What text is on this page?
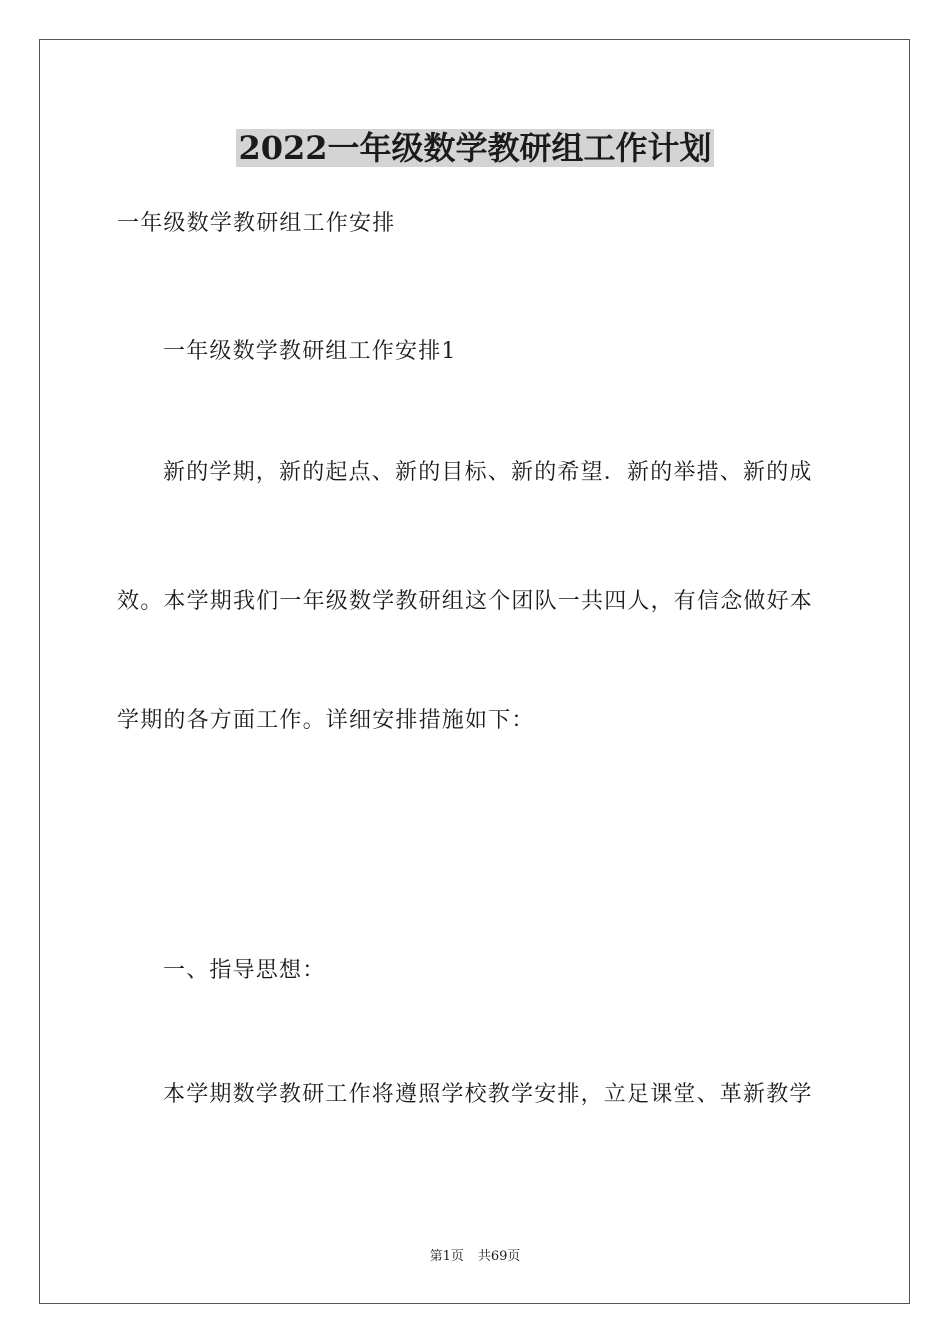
2022一年级数学教研组工作计划
一年级数学教研组工作安排
一年级数学教研组工作安排1
新的学期，新的起点、新的目标、新的希望．新的举措、新的成
效。本学期我们一年级数学教研组这个团队一共四人，有信念做好本
学期的各方面工作。详细安排措施如下：
一、指导思想：
本学期数学教研工作将遵照学校教学安排，立足课堂、革新教学
第1页 共69页
